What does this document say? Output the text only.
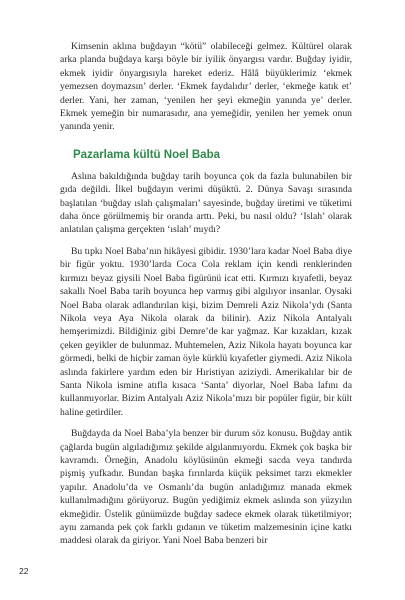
Kimsenin aklına buğdayın “kötü” olabileceği gelmez. Kültürel olarak arka planda buğdaya karşı böyle bir iyilik önyargısı vardır. Buğday iyidir, ekmek iyidir önyargısıyla hareket ederiz. Hâlâ büyüklerimiz ‘ekmek yemezsen doymazsın’ derler. ‘Ekmek faydalıdır’ derler, ‘ekmeğe katık et’ derler. Yani, her zaman, ‘yenilen her şeyi ekmeğin yanında ye’ derler. Ekmek yemeğin bir numarasıdır, ana yemeğidir, yenilen her yemek onun yanında yenir.

Pazarlama kültü Noel Baba

Aslına bakıldığında buğday tarih boyunca çok da fazla bulunabilen bir gıda değildi. İlkel buğdayın verimi düşüktü. 2. Dünya Savaşı sırasında başlatılan ‘buğday ıslah çalışmaları’ sayesinde, buğday üretimi ve tüketimi daha önce görülmemiş bir oranda arttı. Peki, bu nasıl oldu? ‘Islah’ olarak anlatılan çalışma gerçekten ‘ıslah’ mıydı?

Bu tıpkı Noel Baba’nın hikâyesi gibidir. 1930’lara kadar Noel Baba diye bir figür yoktu. 1930’larda Coca Cola reklam için kendi renklerinden kırmızı beyaz giysili Noel Baba figürünü icat etti. Kırmızı kıyafetli, beyaz sakallı Noel Baba tarih boyunca hep varmış gibi algılıyor insanlar. Oysaki Noel Baba olarak adlandırılan kişi, bizim Demreli Aziz Nikola’ydı (Santa Nikola veya Aya Nikola olarak da bilinir). Aziz Nikola Antalyalı hemşerimizdi. Bildiğiniz gibi Demre’de kar yağmaz. Kar kızakları, kızak çeken geyikler de bulunmaz. Muhtemelen, Aziz Nikola hayatı boyunca kar görmedi, belki de hiçbir zaman öyle kürklü kıyafetler giymedi. Aziz Nikola aslında fakirlere yardım eden bir Hıristiyan aziziydi. Amerikalılar bir de Santa Nikola ismine atıfla kısaca ‘Santa’ diyorlar, Noel Baba lafını da kullanmıyorlar. Bizim Antalyalı Aziz Nikola’mızı bir popüler figür, bir kült haline getirdiler.

Buğdayda da Noel Baba’yla benzer bir durum söz konusu. Buğday antik çağlarda bugün algıladığımız şekilde algılanmıyordu. Ekmek çok başka bir kavramdı. Örneğin, Anadolu köylüsünün ekmeği sacda veya tandırda pişmiş yufkadır. Bundan başka fırınlarda küçük peksimet tarzı ekmekler yapılır. Anadolu’da ve Osmanlı’da bugün anladığımız manada ekmek kullanılmadığını görüyoruz. Bugün yediğimiz ekmek aslında son yüzyılın ekmeğidir. Üstelik günümüzde buğday sadece ekmek olarak tüketilmiyor; aynı zamanda pek çok farklı gıdanın ve tüketim malzemesinin içine katkı maddesi olarak da giriyor. Yani Noel Baba benzeri bir

22
